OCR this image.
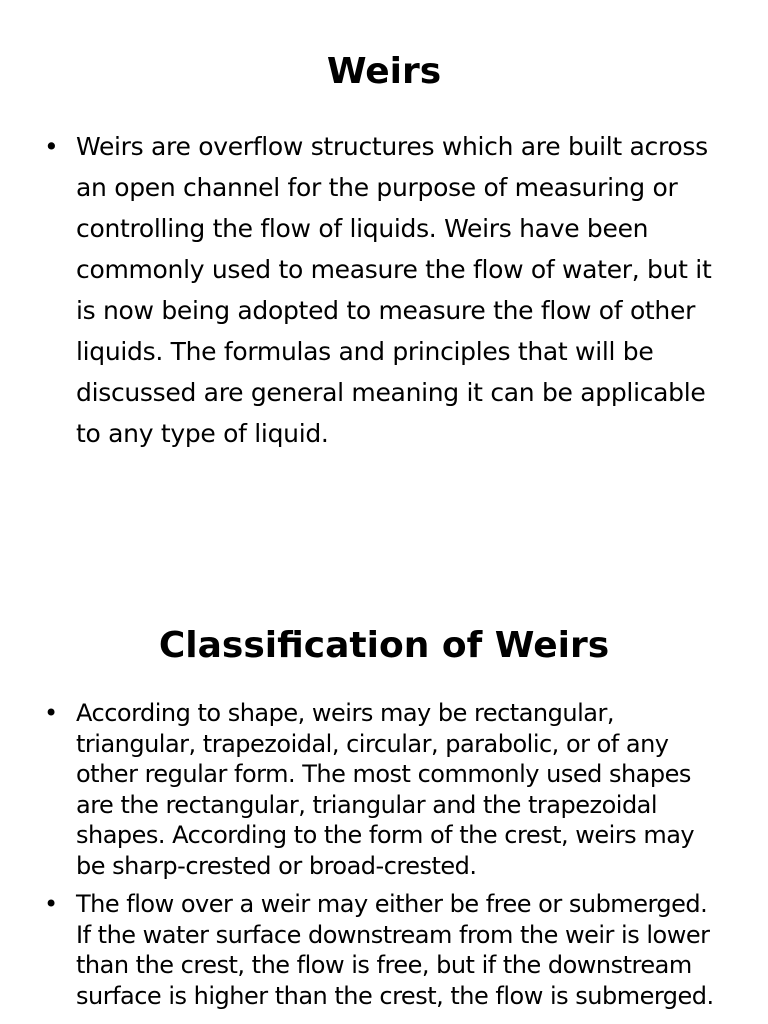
Weirs
• Weirs are overflow structures which are built across an open channel for the purpose of measuring or controlling the flow of liquids. Weirs have been commonly used to measure the flow of water, but it is now being adopted to measure the flow of other liquids. The formulas and principles that will be discussed are general meaning it can be applicable to any type of liquid.
Classification of Weirs
• According to shape, weirs may be rectangular, triangular, trapezoidal, circular, parabolic, or of any other regular form. The most commonly used shapes are the rectangular, triangular and the trapezoidal shapes. According to the form of the crest, weirs may be sharp-crested or broad-crested.
• The flow over a weir may either be free or submerged. If the water surface downstream from the weir is lower than the crest, the flow is free, but if the downstream surface is higher than the crest, the flow is submerged.
